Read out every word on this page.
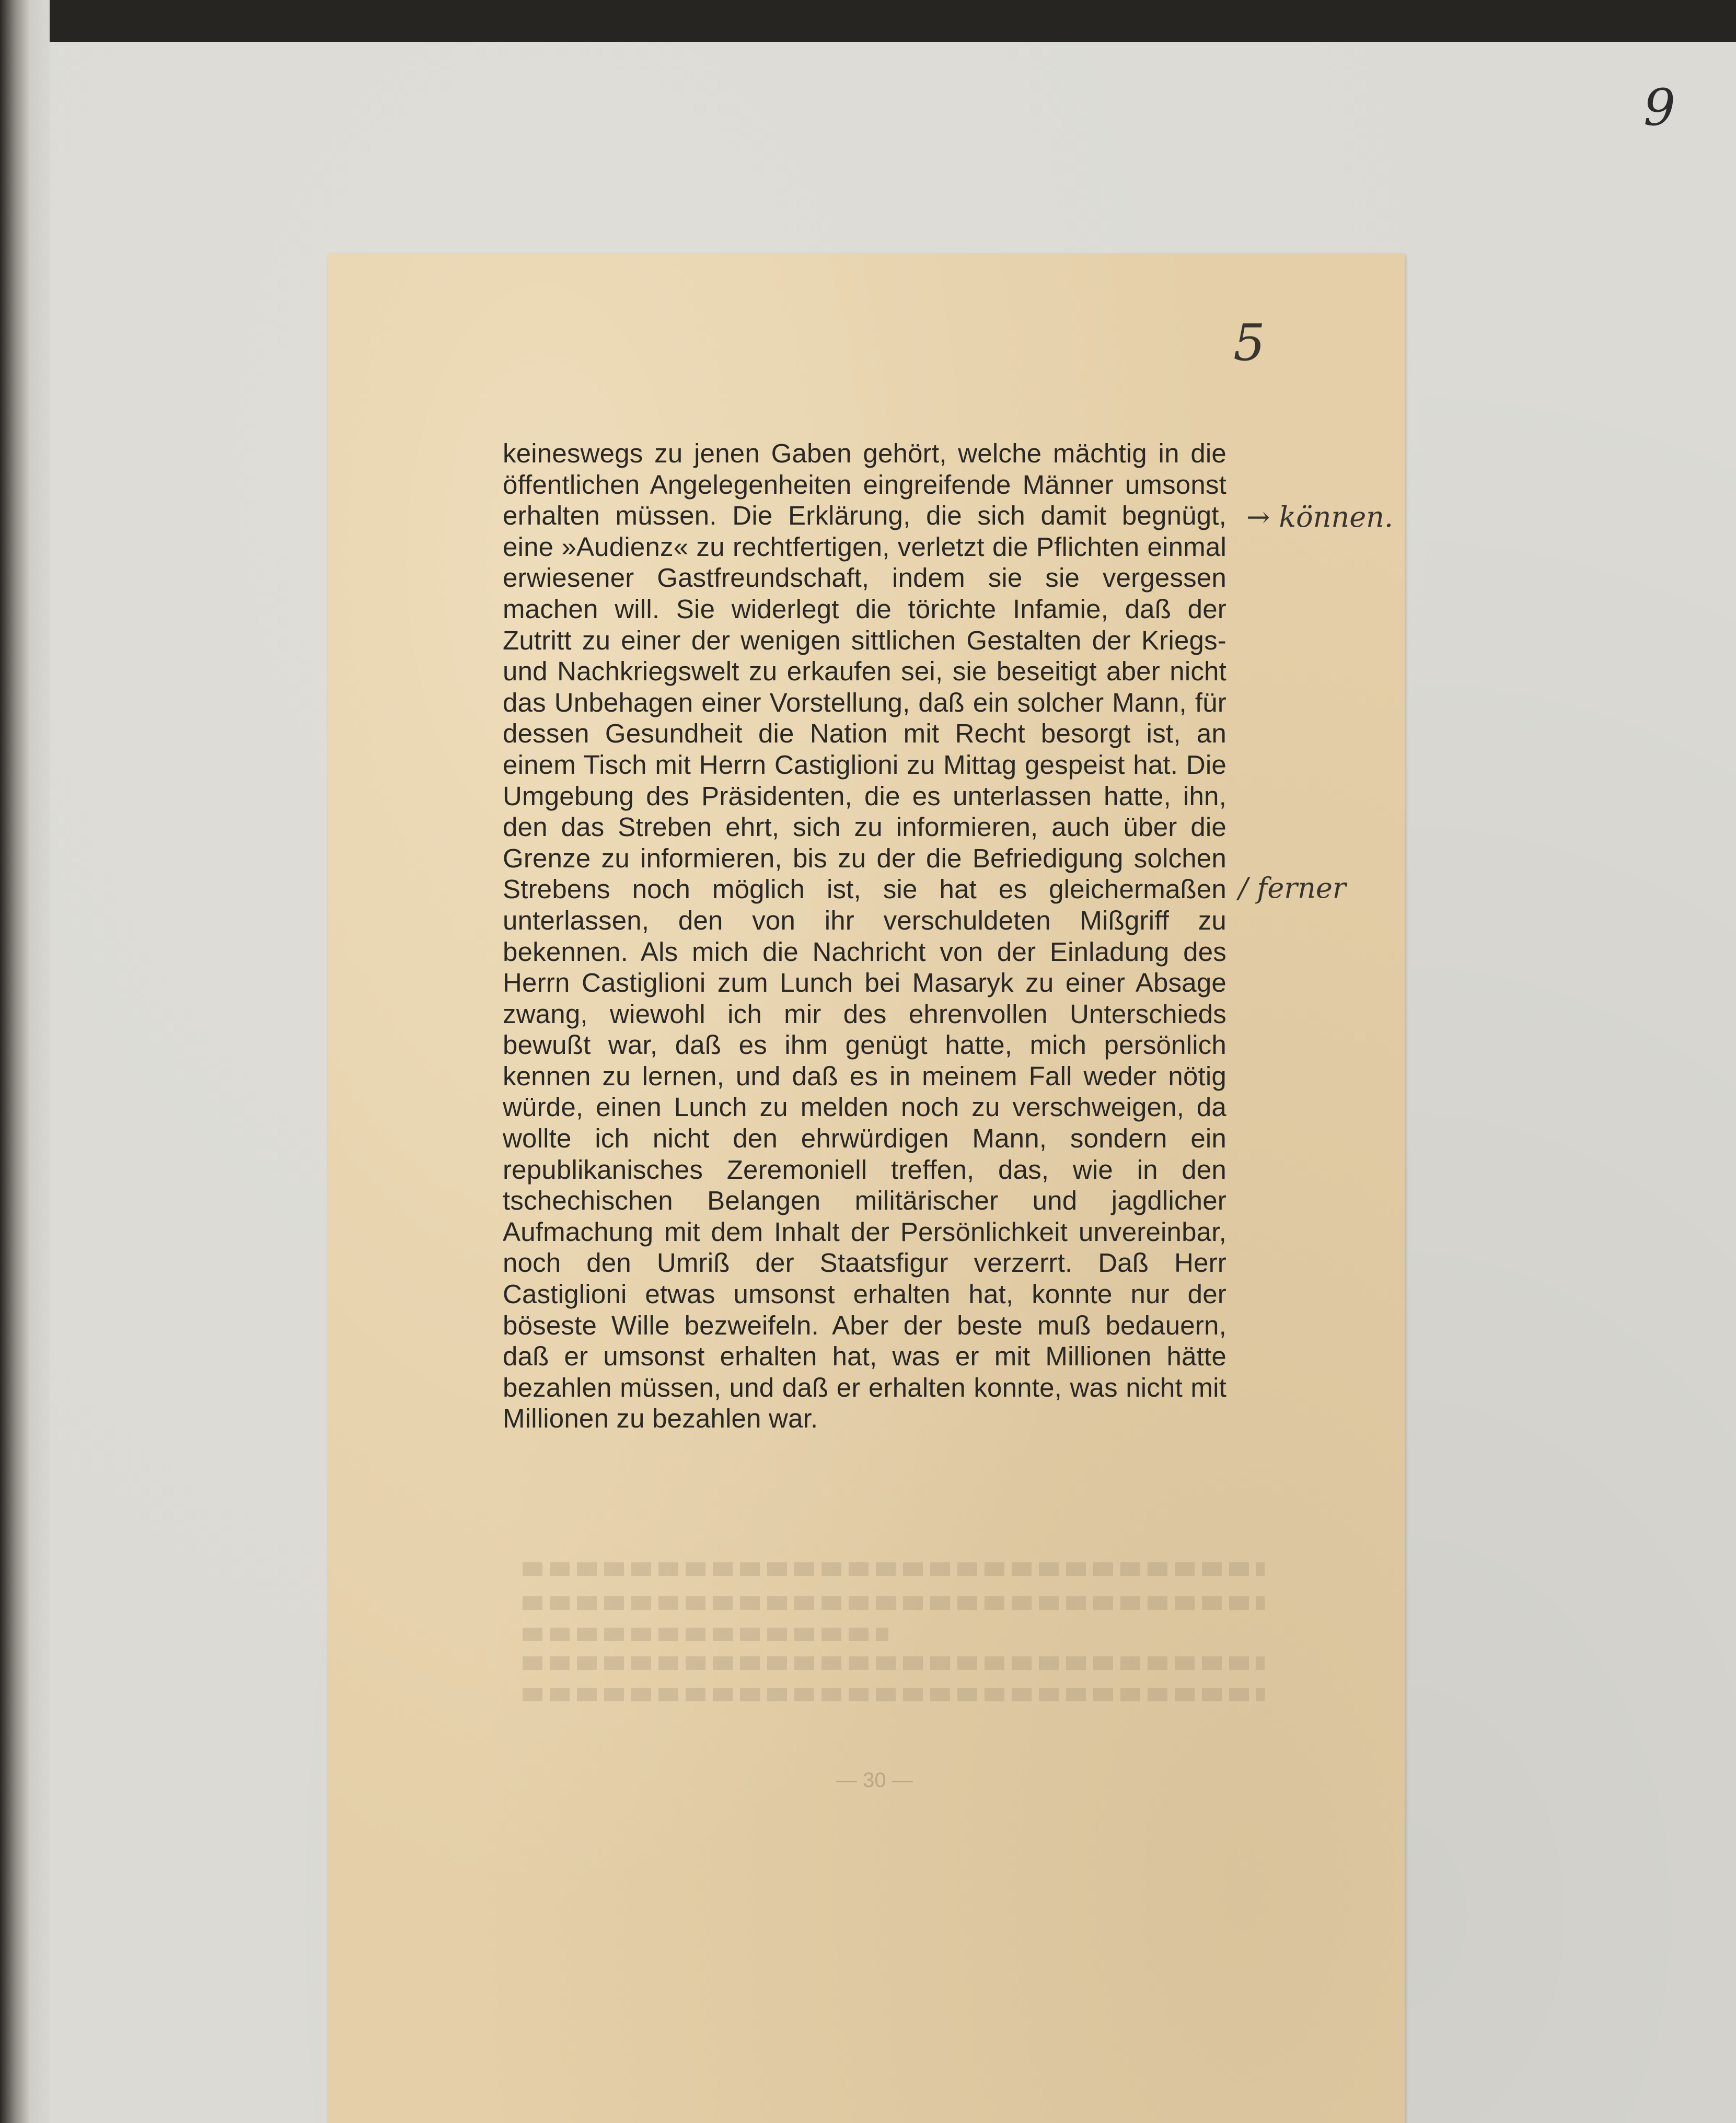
9
5

keineswegs zu jenen Gaben gehört, welche mächtig in die öffentlichen Angelegenheiten eingreifende Männer umsonst erhalten müssen. Die Erklärung, die sich damit begnügt, eine »Audienz« zu rechtfertigen, verletzt die Pflichten einmal erwiesener Gastfreundschaft, indem sie sie vergessen machen will. Sie widerlegt die törichte Infamie, daß der Zutritt zu einer der wenigen sittlichen Gestalten der Kriegs- und Nachkriegswelt zu erkaufen sei, sie beseitigt aber nicht das Unbehagen einer Vorstellung, daß ein solcher Mann, für dessen Gesundheit die Nation mit Recht besorgt ist, an einem Tisch mit Herrn Castiglioni zu Mittag gespeist hat. Die Umgebung des Präsidenten, die es unterlassen hatte, ihn, den das Streben ehrt, sich zu informieren, auch über die Grenze zu informieren, bis zu der die Befriedigung solchen Strebens noch möglich ist, sie hat es gleichermaßen unterlassen, den von ihr verschuldeten Mißgriff zu bekennen. Als mich die Nachricht von der Einladung des Herrn Castiglioni zum Lunch bei Masaryk zu einer Absage zwang, wiewohl ich mir des ehrenvollen Unterschieds bewußt war, daß es ihm genügt hatte, mich persönlich kennen zu lernen, und daß es in meinem Fall weder nötig würde, einen Lunch zu melden noch zu verschweigen, da wollte ich nicht den ehrwürdigen Mann, sondern ein republikanisches Zeremoniell treffen, das, wie in den tschechischen Belangen militärischer und jagdlicher Aufmachung mit dem Inhalt der Persönlichkeit unvereinbar, noch den Umriß der Staatsfigur verzerrt. Daß Herr Castiglioni etwas umsonst erhalten hat, konnte nur der böseste Wille bezweifeln. Aber der beste muß bedauern, daß er umsonst erhalten hat, was er mit Millionen hätte bezahlen müssen, und daß er erhalten konnte, was nicht mit Millionen zu bezahlen war.

— 30 —
→ können.
/ ferner
